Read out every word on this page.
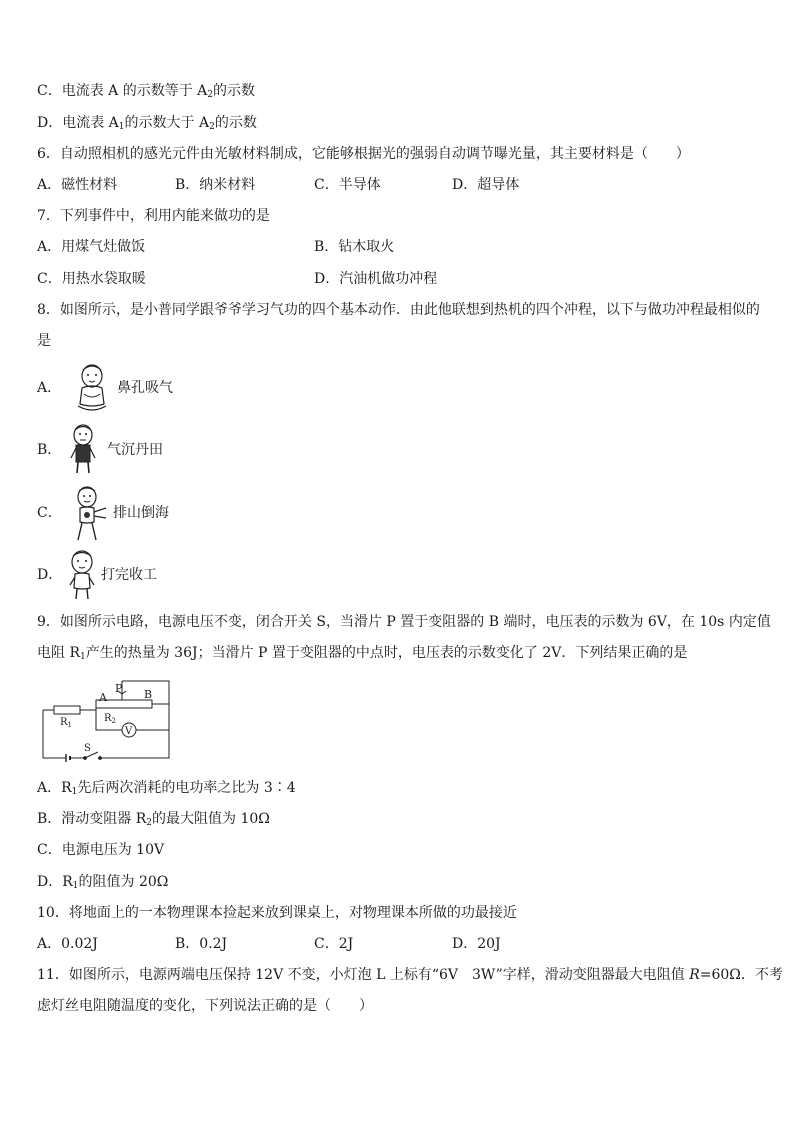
C．电流表 A 的示数等于 $A_2$的示数
D．电流表 $A_1$的示数大于 $A_2$的示数
6．自动照相机的感光元件由光敏材料制成，它能够根据光的强弱自动调节曝光量，其主要材料是（　　）
A．磁性材料	B．纳米材料	C．半导体	D．超导体
7．下列事件中，利用内能来做功的是
A．用煤气灶做饭	B．钻木取火
C．用热水袋取暖	D．汽油机做功冲程
8．如图所示，是小普同学跟爷爷学习气功的四个基本动作．由此他联想到热机的四个冲程，以下与做功冲程最相似的
是
A．	鼻孔吸气
B．	气沉丹田
C．	排山倒海
D．	打完收工
9．如图所示电路，电源电压不变，闭合开关 S，当滑片 P 置于变阻器的 B 端时，电压表的示数为 6V，在 10s 内定值
电阻 $R_1$产生的热量为 36J；当滑片 P 置于变阻器的中点时，电压表的示数变化了 2V．下列结果正确的是
A
P B
$R_1$
$R_2$
V
S
A．$R_1$先后两次消耗的电功率之比为 3∶4
B．滑动变阻器 $R_2$的最大阻值为 10Ω
C．电源电压为 10V
D．$R_1$的阻值为 20Ω
10．将地面上的一本物理课本捡起来放到课桌上，对物理课本所做的功最接近
A．0.02J	B．0.2J	C．2J	D．20J
11．如图所示，电源两端电压保持 12V 不变，小灯泡 L 上标有“6V　3W”字样，滑动变阻器最大电阻值 R=60Ω．不考
虑灯丝电阻随温度的变化，下列说法正确的是（　　）
